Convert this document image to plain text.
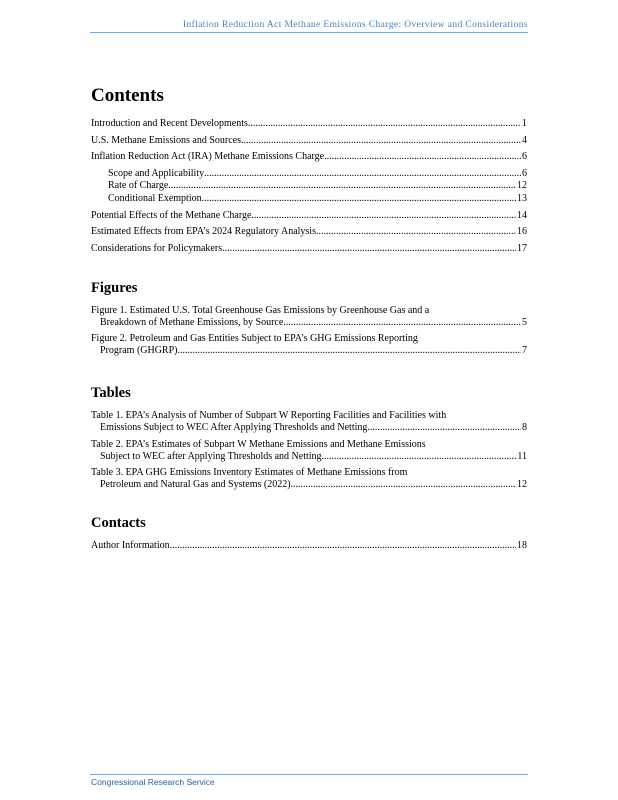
Inflation Reduction Act Methane Emissions Charge: Overview and Considerations
Contents
Introduction and Recent Developments .....	1
U.S. Methane Emissions and Sources .....	4
Inflation Reduction Act (IRA) Methane Emissions Charge .....	6
Scope and Applicability .....	6
Rate of Charge .....	12
Conditional Exemption .....	13
Potential Effects of the Methane Charge .....	14
Estimated Effects from EPA’s 2024 Regulatory Analysis .....	16
Considerations for Policymakers .....	17
Figures
Figure 1. Estimated U.S. Total Greenhouse Gas Emissions by Greenhouse Gas and a
Breakdown of Methane Emissions, by Source .....	5
Figure 2. Petroleum and Gas Entities Subject to EPA’s GHG Emissions Reporting
Program (GHGRP) .....	7
Tables
Table 1. EPA’s Analysis of Number of Subpart W Reporting Facilities and Facilities with
Emissions Subject to WEC After Applying Thresholds and Netting .....	8
Table 2. EPA’s Estimates of Subpart W Methane Emissions and Methane Emissions
Subject to WEC after Applying Thresholds and Netting .....	11
Table 3. EPA GHG Emissions Inventory Estimates of Methane Emissions from
Petroleum and Natural Gas and Systems (2022) .....	12
Contacts
Author Information .....	18
Congressional Research Service
